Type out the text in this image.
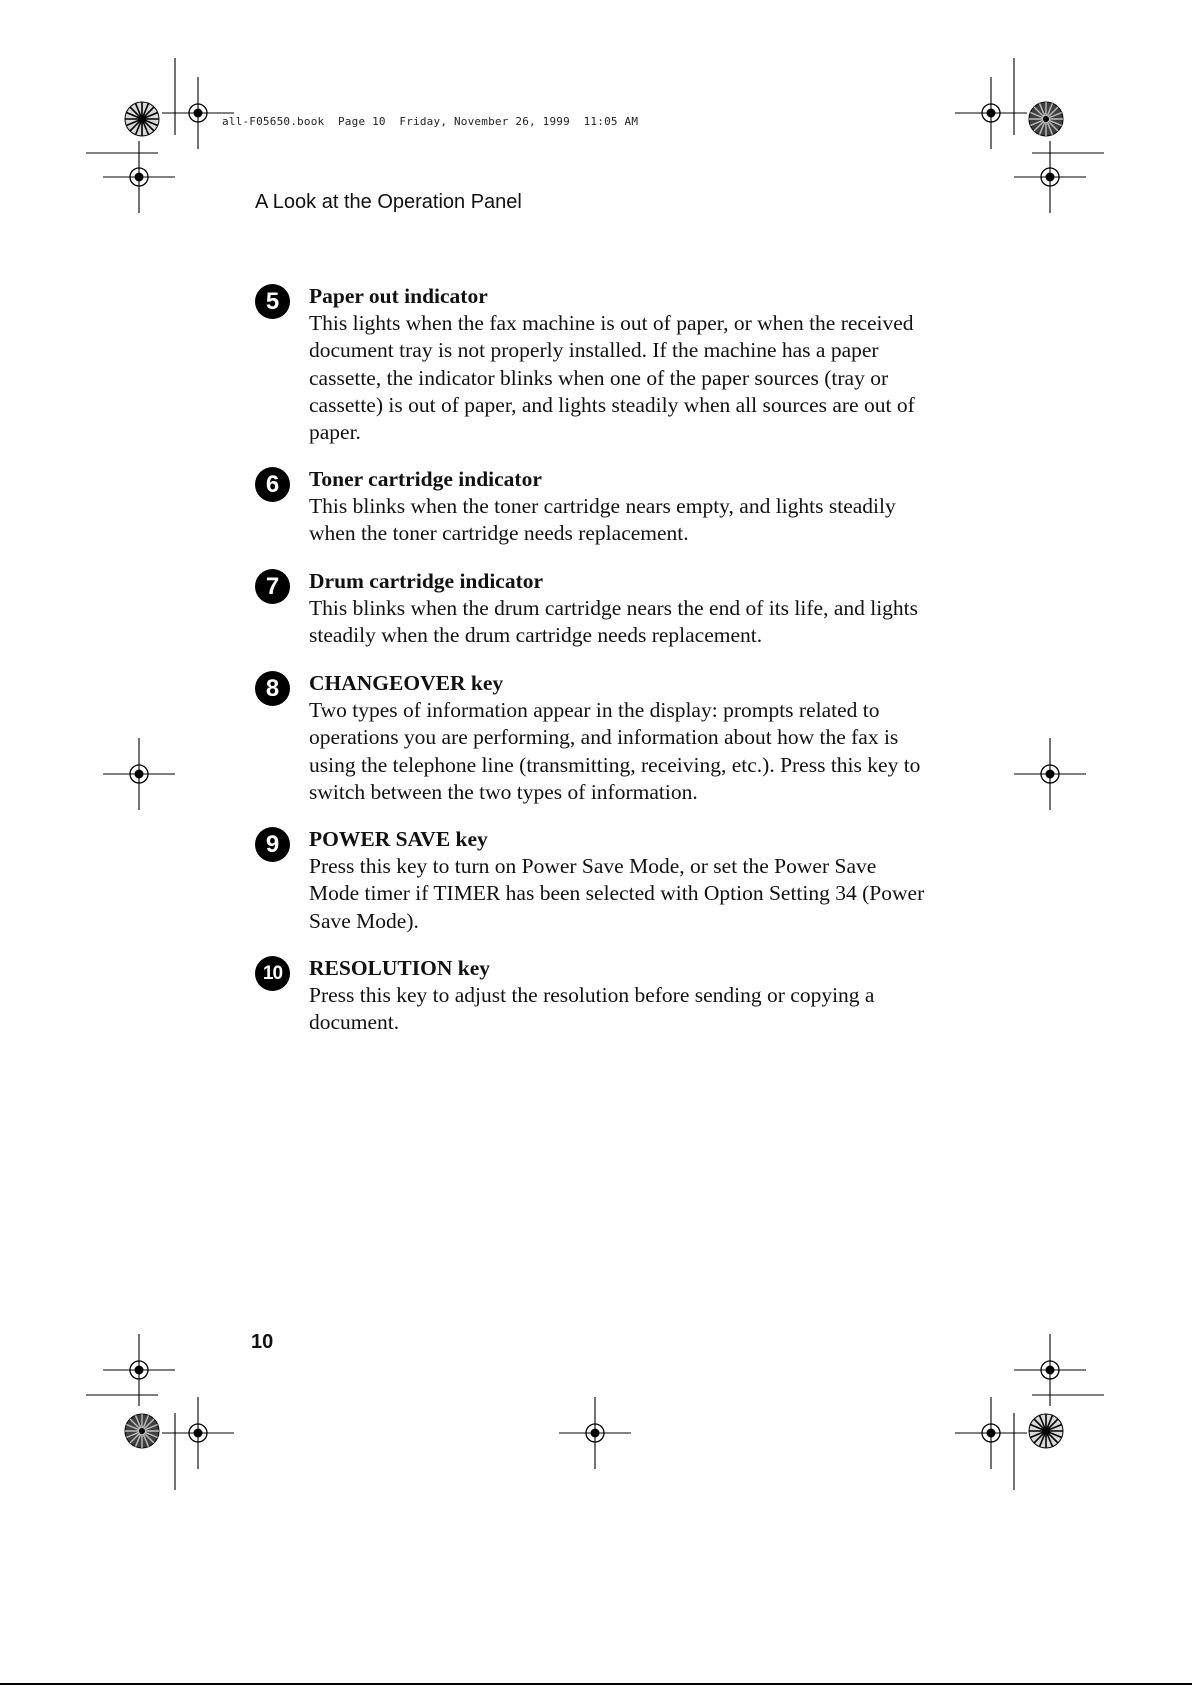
all-F05650.book  Page 10  Friday, November 26, 1999  11:05 AM
A Look at the Operation Panel
5	Paper out indicator

This lights when the fax machine is out of paper, or when the received document tray is not properly installed. If the machine has a paper cassette, the indicator blinks when one of the paper sources (tray or cassette) is out of paper, and lights steadily when all sources are out of paper.

6	Toner cartridge indicator

This blinks when the toner cartridge nears empty, and lights steadily when the toner cartridge needs replacement.

7	Drum cartridge indicator

This blinks when the drum cartridge nears the end of its life, and lights steadily when the drum cartridge needs replacement.

8	CHANGEOVER key

Two types of information appear in the display: prompts related to operations you are performing, and information about how the fax is using the telephone line (transmitting, receiving, etc.). Press this key to switch between the two types of information.

9	POWER SAVE key

Press this key to turn on Power Save Mode, or set the Power Save Mode timer if TIMER has been selected with Option Setting 34 (Power Save Mode).

10	RESOLUTION key

Press this key to adjust the resolution before sending or copying a document.

10
